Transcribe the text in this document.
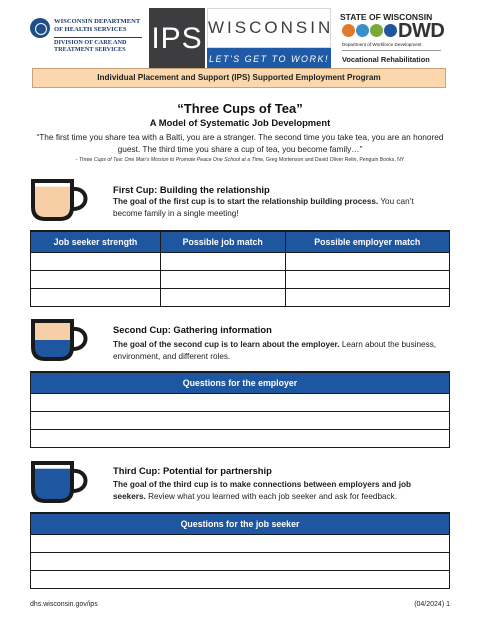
WISCONSIN DEPARTMENT OF HEALTH SERVICES
DIVISION OF CARE AND TREATMENT SERVICES IPS WISCONSIN
LET'S GET TO WORK!
STATE OF WISCONSIN
DWD
Department of Workforce Development
Vocational Rehabilitation
Individual Placement and Support (IPS) Supported Employment Program
“Three Cups of Tea”
A Model of Systematic Job Development
“The first time you share tea with a Balti, you are a stranger. The second time you take tea, you are an honored guest. The third time you share a cup of tea, you become family…”
- Three Cups of Tea: One Man’s Mission to Promote Peace One School at a Time, Greg Mortenson and David Oliver Relin, Penguin Books, NY
First Cup: Building the relationship
The goal of the first cup is to start the relationship building process. You can’t become family in a single meeting!
Job seeker strength	Possible job match	Possible employer match

Second Cup: Gathering information
The goal of the second cup is to learn about the employer. Learn about the business, environment, and different roles.
Questions for the employer

Third Cup: Potential for partnership
The goal of the third cup is to make connections between employers and job seekers. Review what you learned with each job seeker and ask for feedback.
Questions for the job seeker

dhs.wisconsin.gov/ips	(04/2024) 1
